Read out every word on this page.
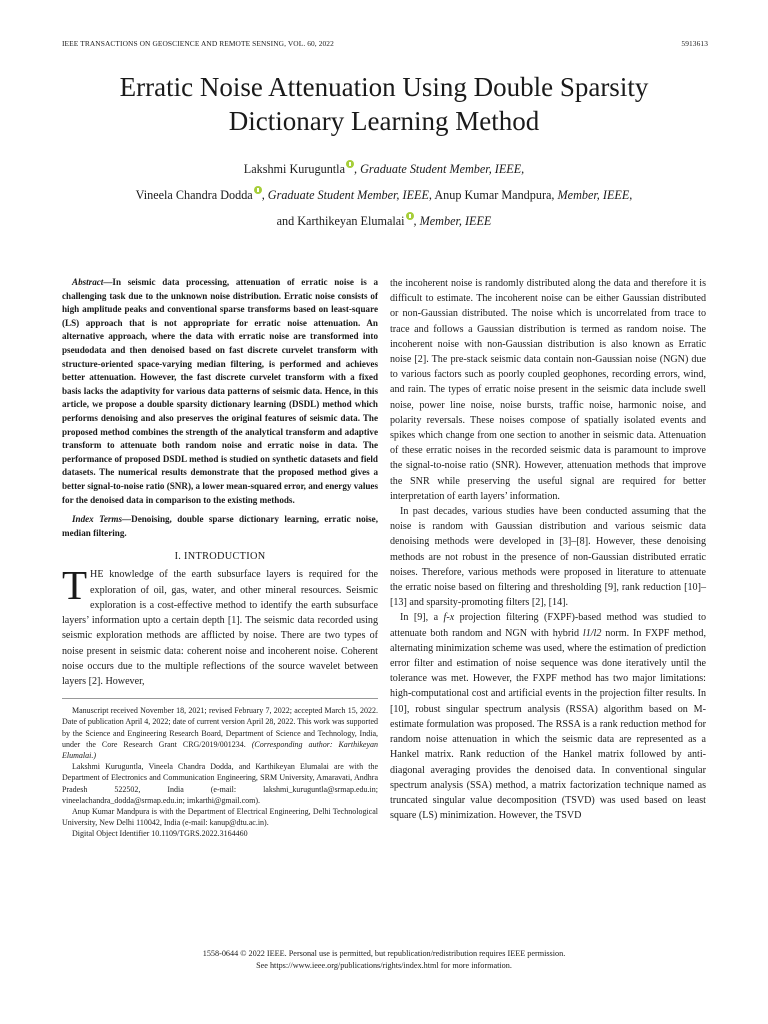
IEEE TRANSACTIONS ON GEOSCIENCE AND REMOTE SENSING, VOL. 60, 2022	5913613
Erratic Noise Attenuation Using Double Sparsity
Dictionary Learning Method
Lakshmi Kuruguntla , Graduate Student Member, IEEE,
Vineela Chandra Dodda , Graduate Student Member, IEEE, Anup Kumar Mandpura, Member, IEEE,
and Karthikeyan Elumalai , Member, IEEE

Abstract—In seismic data processing, attenuation of erratic noise is a challenging task due to the unknown noise distribution. Erratic noise consists of high amplitude peaks and conventional sparse transforms based on least-square (LS) approach that is not appropriate for erratic noise attenuation. An alternative approach, where the data with erratic noise are transformed into pseudodata and then denoised based on fast discrete curvelet transform with structure-oriented space-varying median filtering, is performed and achieves better attenuation. However, the fast discrete curvelet transform with a fixed basis lacks the adaptivity for various data patterns of seismic data. Hence, in this article, we propose a double sparsity dictionary learning (DSDL) method which performs denoising and also preserves the original features of seismic data. The proposed method combines the strength of the analytical transform and adaptive transform to attenuate both random noise and erratic noise in data. The performance of proposed DSDL method is studied on synthetic datasets and field datasets. The numerical results demonstrate that the proposed method gives a better signal-to-noise ratio (SNR), a lower mean-squared error, and energy values for the denoised data in comparison to the existing methods.

Index Terms—Denoising, double sparse dictionary learning, erratic noise, median filtering.

I. INTRODUCTION

THE knowledge of the earth subsurface layers is required for the exploration of oil, gas, water, and other mineral resources. Seismic exploration is a cost-effective method to identify the earth subsurface layers’ information upto a certain depth [1]. The seismic data recorded using seismic exploration methods are afflicted by noise. There are two types of noise present in seismic data: coherent noise and incoherent noise. Coherent noise occurs due to the multiple reflections of the source wavelet between layers [2]. However,

Manuscript received November 18, 2021; revised February 7, 2022; accepted March 15, 2022. Date of publication April 4, 2022; date of current version April 28, 2022. This work was supported by the Science and Engineering Research Board, Department of Science and Technology, India, under the Core Research Grant CRG/2019/001234. (Corresponding author: Karthikeyan Elumalai.)

Lakshmi Kuruguntla, Vineela Chandra Dodda, and Karthikeyan Elumalai are with the Department of Electronics and Communication Engineering, SRM University, Amaravati, Andhra Pradesh 522502, India (e-mail: lakshmi_kuruguntla@srmap.edu.in; vineelachandra_dodda@srmap.edu.in; imkarthi@gmail.com).

Anup Kumar Mandpura is with the Department of Electrical Engineering, Delhi Technological University, New Delhi 110042, India (e-mail: kanup@dtu.ac.in).

Digital Object Identifier 10.1109/TGRS.2022.3164460

the incoherent noise is randomly distributed along the data and therefore it is difficult to estimate. The incoherent noise can be either Gaussian distributed or non-Gaussian distributed. The noise which is uncorrelated from trace to trace and follows a Gaussian distribution is termed as random noise. The incoherent noise with non-Gaussian distribution is also known as Erratic noise [2]. The pre-stack seismic data contain non-Gaussian noise (NGN) due to various factors such as poorly coupled geophones, recording errors, wind, and rain. The types of erratic noise present in the seismic data include swell noise, power line noise, noise bursts, traffic noise, harmonic noise, and polarity reversals. These noises compose of spatially isolated events and spikes which change from one section to another in seismic data. Attenuation of these erratic noises in the recorded seismic data is paramount to improve the signal-to-noise ratio (SNR). However, attenuation methods that improve the SNR while preserving the useful signal are required for better interpretation of earth layers’ information.

In past decades, various studies have been conducted assuming that the noise is random with Gaussian distribution and various seismic data denoising methods were developed in [3]–[8]. However, these denoising methods are not robust in the presence of non-Gaussian distributed erratic noises. Therefore, various methods were proposed in literature to attenuate the erratic noise based on filtering and thresholding [9], rank reduction [10]–[13] and sparsity-promoting filters [2], [14].

In [9], a f-x projection filtering (FXPF)-based method was studied to attenuate both random and NGN with hybrid l1/l2 norm. In FXPF method, alternating minimization scheme was used, where the estimation of prediction error filter and estimation of noise sequence was done iteratively until the tolerance was met. However, the FXPF method has two major limitations: high-computational cost and artificial events in the projection filter results. In [10], robust singular spectrum analysis (RSSA) algorithm based on M-estimate formulation was proposed. The RSSA is a rank reduction method for random noise attenuation in which the seismic data are represented as a Hankel matrix. Rank reduction of the Hankel matrix followed by anti-diagonal averaging provides the denoised data. In conventional singular spectrum analysis (SSA) method, a matrix factorization technique named as truncated singular value decomposition (TSVD) was used based on least square (LS) minimization. However, the TSVD

1558-0644 © 2022 IEEE. Personal use is permitted, but republication/redistribution requires IEEE permission.
See https://www.ieee.org/publications/rights/index.html for more information.
